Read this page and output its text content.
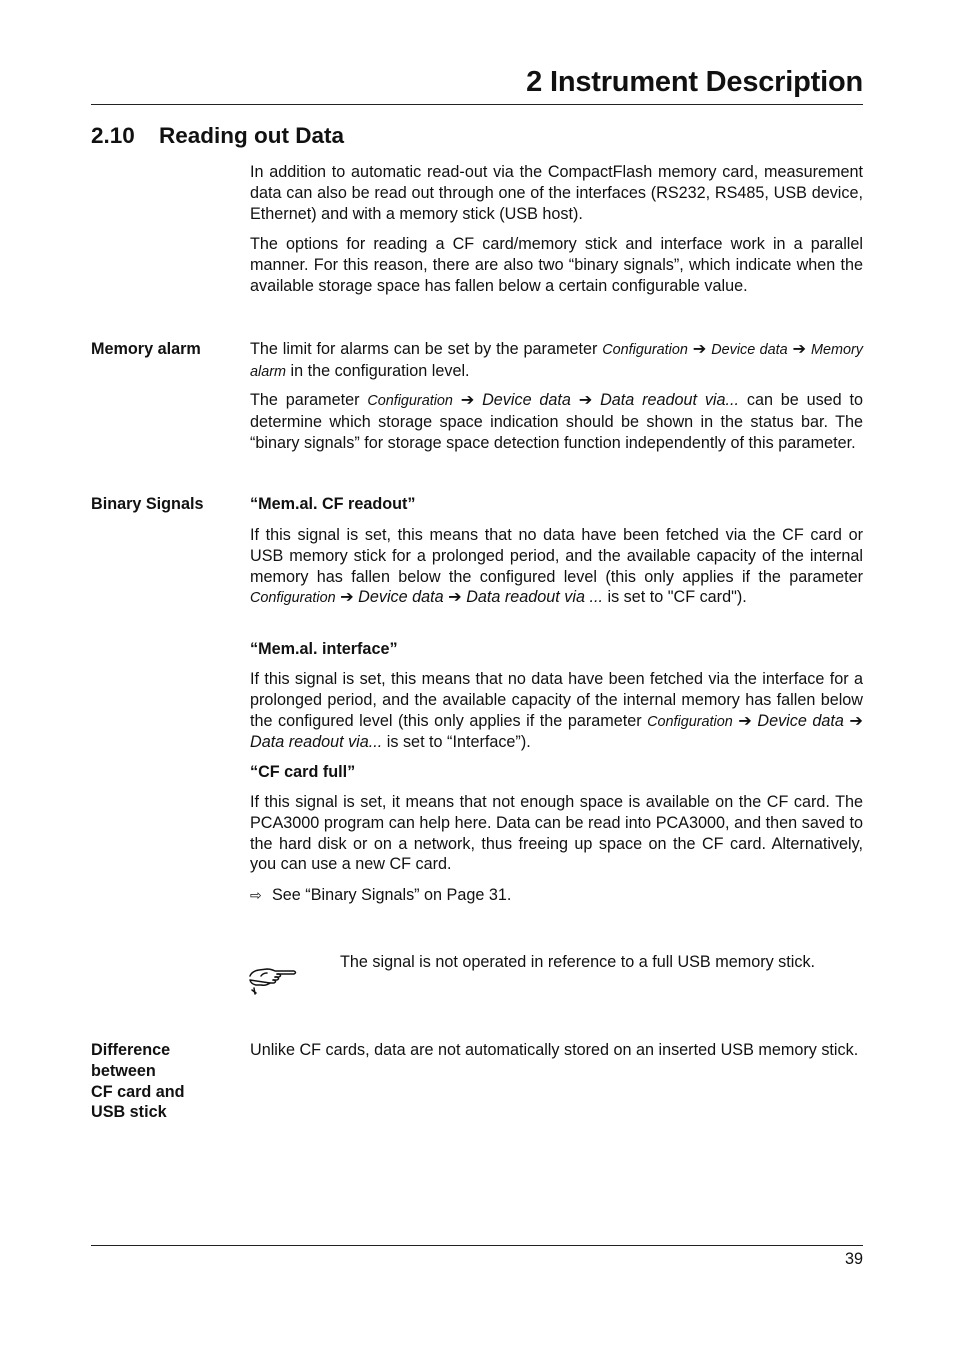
2 Instrument Description
2.10 Reading out Data

In addition to automatic read-out via the CompactFlash memory card, measurement data can also be read out through one of the interfaces (RS232, RS485, USB device, Ethernet) and with a memory stick (USB host).

The options for reading a CF card/memory stick and interface work in a parallel manner. For this reason, there are also two “binary signals”, which indicate when the available storage space has fallen below a certain configurable value.

Memory alarm	The limit for alarms can be set by the parameter Configuration ➔ Device data ➔ Memory alarm in the configuration level.

The parameter Configuration ➔ Device data ➔ Data readout via... can be used to determine which storage space indication should be shown in the status bar. The “binary signals” for storage space detection function independently of this parameter.

Binary Signals	“Mem.al. CF readout”

If this signal is set, this means that no data have been fetched via the CF card or USB memory stick for a prolonged period, and the available capacity of the internal memory has fallen below the configured level (this only applies if the parameter Configuration ➔ Device data ➔ Data readout via ... is set to "CF card").

“Mem.al. interface”

If this signal is set, this means that no data have been fetched via the interface for a prolonged period, and the available capacity of the internal memory has fallen below the configured level (this only applies if the parameter Configuration ➔ Device data ➔ Data readout via... is set to “Interface”).

“CF card full”

If this signal is set, it means that not enough space is available on the CF card. The PCA3000 program can help here. Data can be read into PCA3000, and then saved to the hard disk or on a network, thus freeing up space on the CF card. Alternatively, you can use a new CF card.

⇨ See “Binary Signals” on Page 31.

The signal is not operated in reference to a full USB memory stick.

Difference
between
CF card and
USB stick

Unlike CF cards, data are not automatically stored on an inserted USB memory stick.

39
